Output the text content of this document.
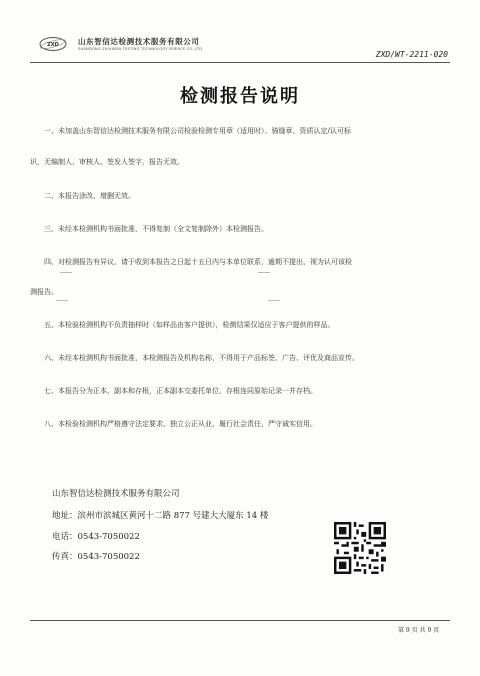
ZXD	山东智信达检测技术服务有限公司
SHANDONG ZHIXINDA TESTING TECHNOLOGY SERVICE CO.,LTD
ZXD/WT-2211-020
检测报告说明
一、未加盖山东智信达检测技术服务有限公司检验检测专用章（适用时）、骑缝章、资质认定/认可标
识，无编制人、审核人、签发人签字，报告无效。
二、本报告涂改、增删无效。
三、未经本检测机构书面批准，不得复制（全文复制除外）本检测报告。
四、对检测报告有异议，请于收到本报告之日起十五日内与本单位联系，逾期不提出，视为认可该检
测报告。
五、本检验检测机构不负责抽样时（如样品由客户提供），检测结果仅适应于客户提供的样品。
六、未经本检测机构书面批准，本检测报告及机构名称，不得用于产品标签、广告、评优及商品宣传。
七、本报告分为正本、副本和存根，正本副本交委托单位，存根连同原始记录一并存档。
八、本检验检测机构严格遵守法定要求、独立公正从业、履行社会责任、严守诚实信用。
山东智信达检测技术服务有限公司
地址：滨州市滨城区黄河十二路 877 号建大大厦东 14 楼
电话：0543-7050022
传真：0543-7050022
第 9 页 共 9 页
